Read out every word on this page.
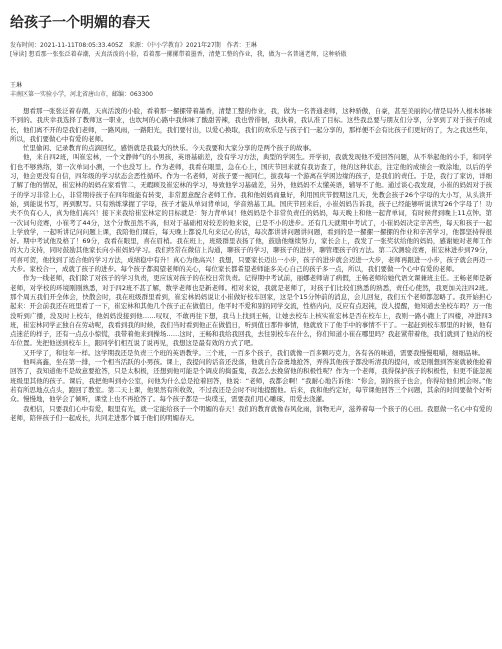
给孩子一个明媚的春天
发布时间：2021-11-11T08:05:33.405Z 来源：《中小学教育》2021年27期 作者：王琳
[导读] 想看那一张张泛着春潮，天真活泼的小脸，看着那一摞摞带着墨香，清楚工整的作业，我，做为一名普通老师，这种骄傲
王琳
丰南区第一实验小学，河北省唐山市，邮编：063300

想看那一张张泛着春潮，天真活泼的小脸，看着那一摞摞带着墨香，清楚工整的作业，我，做为一名普通老师，这种骄傲，自豪，甚至美丽的心情是局外人根本体味不到的。我庆幸我选择了教师这一职业，也坎坷的心路中我体味了酸甜苦辣，我也曾徘徊，我执着，我认准了目标。这些我总要与朋友们分享，分享到了对于孩子的成长，他们离不开的是我们老师，一路风雨，一路阳光，我们要付出，以爱心换取，我们的欢乐是与孩子们一起分享的，那样便不会有比孩子们更好的了，为之我这些年，所以，我们要做心中有爱的老师。

忙里偷闲、记录教育的点滴回忆，感悟就是我最大的快乐。今天我要和大家分享的是两个孩子的故事。

他，来自四2班，叫崔宏林，一个文静帅气的小男孩，英语基础差，没有学习方法，典型的学困生。开学初，我就发现他不爱回答问题，从不举起他的小手，和同学们也不够熟络，第一次单词小测，一个也没写上。作为老师，我看在眼里，急在心上，国庆节回来就有我访查了，他的这种状态，注定他的成绩会一败涂地，以后的学习，他会更没有自信，四年级的学习状态会恶性循环。作为一名老师，对孩子要一视同仁，拔我每一个游离在学困边缘的孩子，是我们的责任。于是，我行了家访，详细了解了他的情况，崔宏林的妈妈在家看管二，无暇顾及崔宏林的学习，导致他学习基础差，另外，他妈妈不太懂英语，辅导不了他。通过谈心我发现，小崔的妈妈对于孩子的学习非常上心，非常期待孩子在四年级能有转变，非常愿意配合老师工作。我和他妈妈商量好，利用国庆节假期这几天，先教会孩子26个字母的大小写，从头读开始，到能说书写，再到默写。只有熟练掌握了字母，孩子才能从单词背单词，学音熟基工具。国庆节回来后，小崔妈妈告诉我，孩子已经能够听说读写26个字母了！功夫不负有心人，真为他们高兴！接下来我给崔宏林定的目标就是：努力背单词！他妈妈是个非常负责任的妈妈，每天晚上和他一起背单词，有时候背到晚上11点钟。第一次词句竞赛，小崔考了44分，这个分数虽然不高，但对于基础相对较差的他来说，已是不小的进步。还有几天就期中考试了，小崔妈妈决定辛苦些，每天和孩子一起上学放学，一起听讲记问问题上课，我陪他们课后，每天晚上都说几句来记心的话，每次都讲讲问题讲问题，看到的是一摞摞一摞摞的作业和辛苦学习，他都坚持得很好。期中考试他及格了！69分，我看在眼里，喜在眉梢。我在班上，班级群里表扬了他，鼓励他继续努力，家长会上，我发了一张奖状给他的妈妈，感谢她对老师工作的大力支持，同时鼓励其他家长向小崔妈妈学习。我们经常在微信上沟通，聊孩子的学习，聊孩子的进步，聊管理孩子的方法。第二次测验竞赛，崔宏林进步到79分，可喜可贺，他找到了适合他的学习方法，成绩稳中有升！真心为他高兴！我想，只要家长迈出一小步，孩子的进步就会迈进一大步，老师再跟进一小步，孩子就会再迈一大步。家校合一，成就了孩子的进步。每个孩子都渴望老师的关心，每位家长都希望老师能多关心自己的孩子多一点，所以，我们要做一个心中有爱的老师。

作为一线老师，我们除了对孩子的学习负责，更应该对孩子的在校日常负责。记得期中考试前，丽娜老师请了病假，王畅老师给她代语文课兼班主任。王畅老师是新老师，对学校的环境刚刚熟悉，对于四2班不甚了解，数学老师也是新老师。相对来说，我就是老师了，对孩子们比较们熟悉的熟悉，责任心使然，我更加关注四2班。那个周五我们开全体会，快散会时，我在班级群里看到，崔宏林妈妈说让小崔做好校车回家，这是个15分钟前的消息，会儿回复，我们五个老师都忽略了。我开始担心起来：开会前我还在班里看了一下，崔宏林和其他几个孩子正在做值日，他平时不爱和别的同学交流，性格内向，反应有点迟钝，没人提醒，他知道去坐校车吗？万一他没听到广播，没及时上校车，他妈妈没接到他……叹叹，不敢再往下想，我马上找到王畅，让她去校车上核实崔宏林是否在校车上，我则一路小跑上了四楼，冲进四3班，崔宏林同学正独自在劳动呢，我看到我的时候，我们当时看到他正在做值日，听到值日那件事情，他就放下了他手中的事情不干了。一起赶到校车那里的时候，他有点迷茫的样子，还有一点点小惊慌，我带着他来到操场……这时，王畅和我给我回我，去往别校车在什么，你们知道小崔在哪里吗？我赶紧带着他，我们就到了他站的校车位置。先把他送到校车上，跟同学们相互说了说再见，我想这是最有效的方式了吧。

又开学了，和往年一样。这学期我还是负责三个班的英语教学。三个班，一百多个孩子，我们就像一百多颗巧克力，各有各的味道，需要我慢慢咀嚼，细细品味。

他叫高鑫，坐在第一排，一个相当活跃的小男孩。课上，我提问的话音还没落，他就自告奋勇地抢答，弄得其他孩子都没听清我的提问，或是刚想到答案就被他抢着回答了，我知道他不是故意要抢答，只是太积极，还想到他可能是个调皮的捣蛋鬼，我怎么去挽留他的积极性呢？作为一个老师，我得保护孩子的积极性，但更不能忽视班级里其他的孩子。课后，我把他叫到办公室，问他为什么总是抢着回答，他说：“老师，我都会啊！”我耐心地告诉他：“你会，别的孩子也会，你得给他们机会呀。”他若有所思地点点头，跑回了教室。第二天上课，他果然有所收敛，不过我还是会时不时地提醒他。后来，我和他约定好，每节课他回答三个问题，其余的时间要做个好听众。慢慢地，他学会了倾听，课堂上也不再抢答了。每个孩子都是一块璞玉，需要我们用心雕琢，用爱去浇灌。

我相信，只要我们心中有爱，眼里有光，就一定能给孩子一个明媚的春天！我们的教育就像春风化雨，润物无声，滋养着每一个孩子的心田。我愿做一名心中有爱的老师，陪伴孩子们一起成长，共同走进那个属于他们的明媚春天。
